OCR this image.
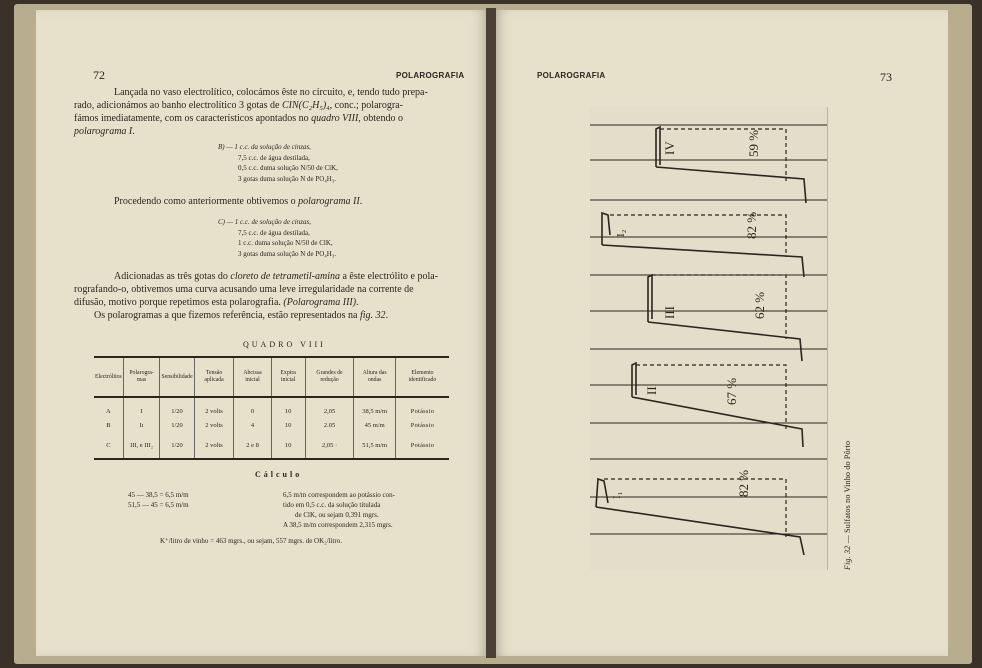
72	POLAROGRAFIA
Lançada no vaso electrolítico, colocámos êste no circuito, e, tendo tudo prepa-
rado, adicionámos ao banho electrolítico 3 gotas de CIN(C₂H₅)₄, conc.; polarogra-
fámos imediatamente, com os característicos apontados no quadro VIII, obtendo o
polarograma I.
B) — 1 c.c. da solução de cinzas,
7,5 c.c. de água destilada,
0,5 c.c. duma solução N/50 de ClK,
3 gotas duma solução N de PO₄H₃.
Procedendo como anteriormente obtivemos o polarograma II.
C) — 1 c.c. de solução de cinzas,
7,5 c.c. de água destilada,
1 c.c. duma solução N/50 de ClK,
3 gotas duma solução N de PO₄H₃.
Adicionadas as três gotas do cloreto de tetrametil-amina a êste electrólito e pola-
rografando-o, obtivemos uma curva acusando uma leve irregularidade na corrente de
difusão, motivo porque repetimos esta polarografia. (Polarograma III).
Os polarogramas a que fizemos referência, estão representados na fig. 32.
QUADRO VIII
Electrólitos	Polarogra-mas	Sensibilidade	Tensão aplicada	Abcissa inicial	Expira inicial	Grandes de redução	Altura das ondas	Elemento identificado
A	I	1/20	2 volts	0	10	2,05	38,5 m/m	Potássio
B	Iı	1/20	2 volts	4	10	2.05	45 m/m	Potássio
C	III, e III₂	1/20	2 volts	2 e 8	10	2,05 ·	51,5 m/m	Potássio
Cálculo
45 — 38,5 = 6,5 m/m
51,5 — 45 = 6,5 m/m
6,5 m/m correspondem ao potássio con-
tido em 0,5 c.c. da solução titulada
de ClK, ou sejam 0,391 mgrs.
A 38,5 m/m correspondem 2,315 mgrs.
K⁺/litro de vinho = 463 mgrs., ou sejam, 557 mgrs. de OK₂/litro.
POLAROGRAFIA	73
IV
I₂
III
II
I₁
59 %
82 %
62 %
67 %
82 %
Fig. 32 — Sulfatos no Vinho do Pôrto
